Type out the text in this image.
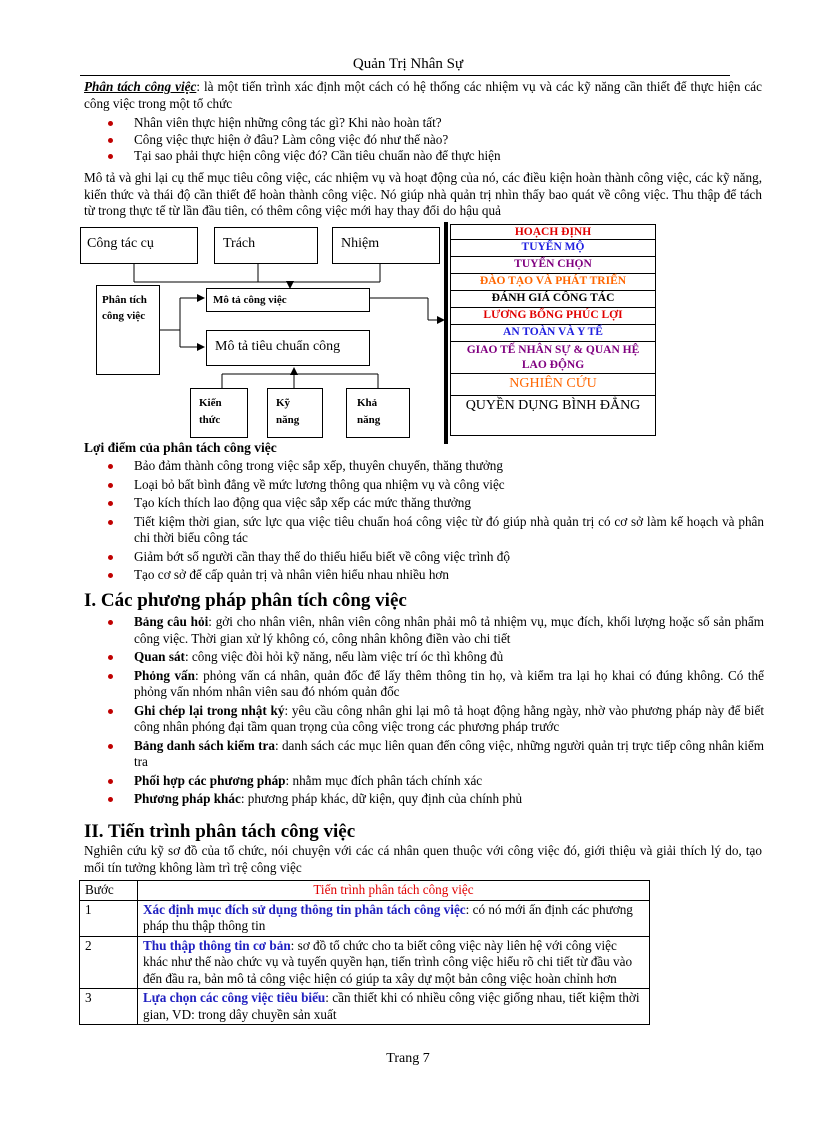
Quản Trị Nhân Sự
Phân tách công việc: là một tiến trình xác định một cách có hệ thống các nhiệm vụ và các kỹ năng cần thiết để thực hiện các công việc trong một tổ chức
Nhân viên thực hiện những công tác gì? Khi nào hoàn tất?
Công việc thực hiện ở đâu? Làm công việc đó như thế nào?
Tại sao phải thực hiện công việc đó? Cần tiêu chuẩn nào để thực hiện
Mô tả và ghi lại cụ thể mục tiêu công việc, các nhiệm vụ và hoạt động của nó, các điều kiện hoàn thành công việc, các kỹ năng, kiến thức và thái độ cần thiết để hoàn thành công việc. Nó giúp nhà quản trị nhìn thấy bao quát về công việc. Thu thập để tách từ trong thực tế từ lần đầu tiên, có thêm công việc mới hay thay đổi do hậu quả
Công tác cụ	Trách	Nhiệm
Phân tích công việc
Mô tả công việc
Mô tả tiêu chuẩn công
Kiến thức
Kỹ năng
Khả năng
HOẠCH ĐỊNH
TUYỂN MỘ
TUYỂN CHỌN
ĐÀO TẠO VÀ PHÁT TRIỂN
ĐÁNH GIÁ CÔNG TÁC
LƯƠNG BỔNG PHÚC LỢI
AN TOÀN VÀ Y TẾ
GIAO TẾ NHÂN SỰ & QUAN HỆ LAO ĐỘNG
NGHIÊN CỨU
QUYỀN DỤNG BÌNH ĐẲNG
Lợi điểm của phân tách công việc
Bảo đảm thành công trong việc sắp xếp, thuyên chuyển, thăng thưởng
Loại bỏ bất bình đẳng về mức lương thông qua nhiệm vụ và công việc
Tạo kích thích lao động qua việc sắp xếp các mức thăng thưởng
Tiết kiệm thời gian, sức lực qua việc tiêu chuẩn hoá công việc từ đó giúp nhà quản trị có cơ sở làm kế hoạch và phân chi thời biểu công tác
Giảm bớt số người cần thay thế do thiếu hiểu biết về công việc trình độ
Tạo cơ sở để cấp quản trị và nhân viên hiểu nhau nhiều hơn
I. Các phương pháp phân tích công việc
Bảng câu hỏi: gởi cho nhân viên, nhân viên công nhân phải mô tả nhiệm vụ, mục đích, khối lượng hoặc số sản phẩm công việc. Thời gian xử lý không có, công nhân không điền vào chi tiết
Quan sát: công việc đòi hỏi kỹ năng, nếu làm việc trí óc thì không đủ
Phỏng vấn: phỏng vấn cá nhân, quản đốc để lấy thêm thông tin họ, và kiểm tra lại họ khai có đúng không. Có thể phỏng vấn nhóm nhân viên sau đó nhóm quản đốc
Ghi chép lại trong nhật ký: yêu cầu công nhân ghi lại mô tả hoạt động hằng ngày, nhờ vào phương pháp này để biết công nhân phóng đại tầm quan trọng của công việc trong các phương pháp trước
Bảng danh sách kiểm tra: danh sách các mục liên quan đến công việc, những người quản trị trực tiếp công nhân kiểm tra
Phối hợp các phương pháp: nhằm mục đích phân tách chính xác
Phương pháp khác: phương pháp khác, dữ kiện, quy định của chính phủ
II. Tiến trình phân tách công việc
Nghiên cứu kỹ sơ đồ của tổ chức, nói chuyện với các cá nhân quen thuộc với công việc đó, giới thiệu và giải thích lý do, tạo mối tín tưởng không làm trì trệ công việc
Bước	Tiến trình phân tách công việc
1	Xác định mục đích sử dụng thông tin phân tách công việc: có nó mới ấn định các phương pháp thu thập thông tin
2	Thu thập thông tin cơ bản: sơ đồ tổ chức cho ta biết công việc này liên hệ với công việc khác như thế nào chức vụ và tuyến quyền hạn, tiến trình công việc hiểu rõ chi tiết từ đầu vào đến đầu ra, bản mô tả công việc hiện có giúp ta xây dự một bản công việc hoàn chỉnh hơn
3	Lựa chọn các công việc tiêu biểu: cần thiết khi có nhiều công việc giống nhau, tiết kiệm thời gian, VD: trong dây chuyền sản xuất
Trang 7
